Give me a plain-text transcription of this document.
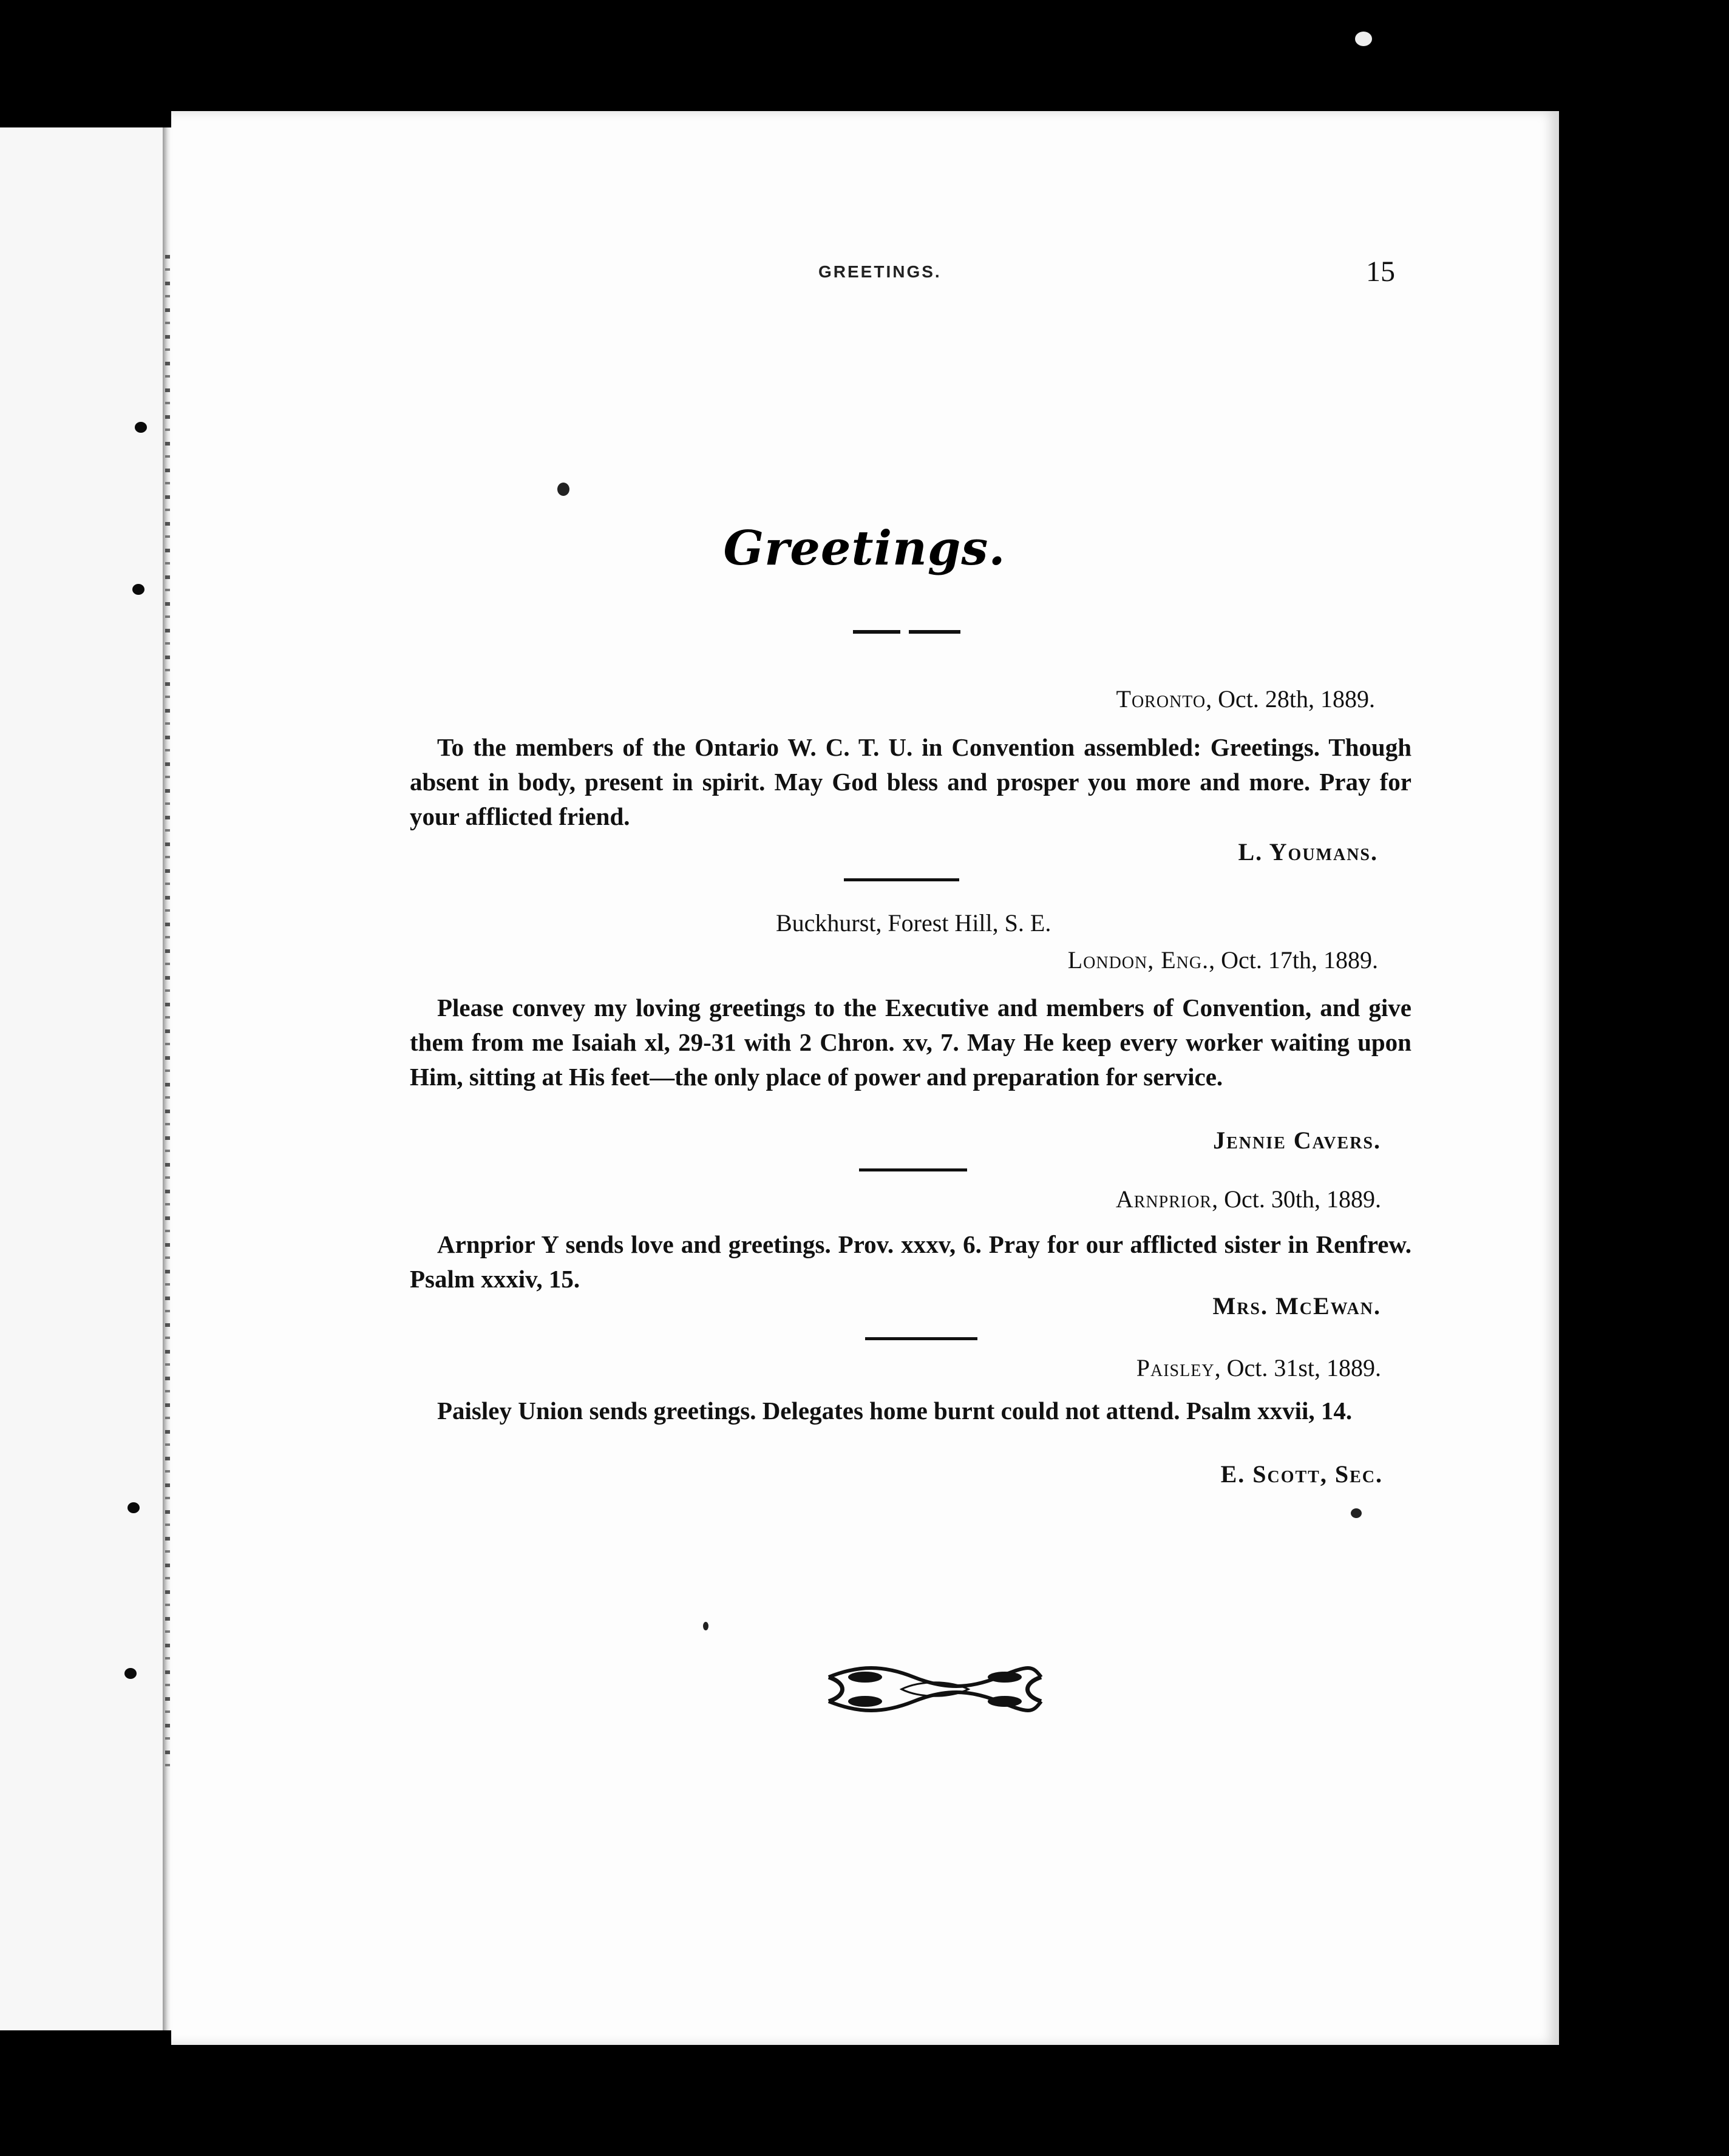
GREETINGS.	15
Greetings.
Toronto, Oct. 28th, 1889.
To the members of the Ontario W. C. T. U. in Convention assembled: Greetings. Though absent in body, present in spirit. May God bless and prosper you more and more. Pray for your afflicted friend.
L. Youmans.
Buckhurst, Forest Hill, S. E.
London, Eng., Oct. 17th, 1889.
Please convey my loving greetings to the Executive and members of Convention, and give them from me Isaiah xl, 29-31 with 2 Chron. xv, 7. May He keep every worker waiting upon Him, sitting at His feet—the only place of power and preparation for service.
Jennie Cavers.
Arnprior, Oct. 30th, 1889.
Arnprior Y sends love and greetings. Prov. xxxv, 6. Pray for our afflicted sister in Renfrew. Psalm xxxiv, 15.
Mrs. McEwan.
Paisley, Oct. 31st, 1889.
Paisley Union sends greetings. Delegates home burnt could not attend. Psalm xxvii, 14.
E. Scott, Sec.
